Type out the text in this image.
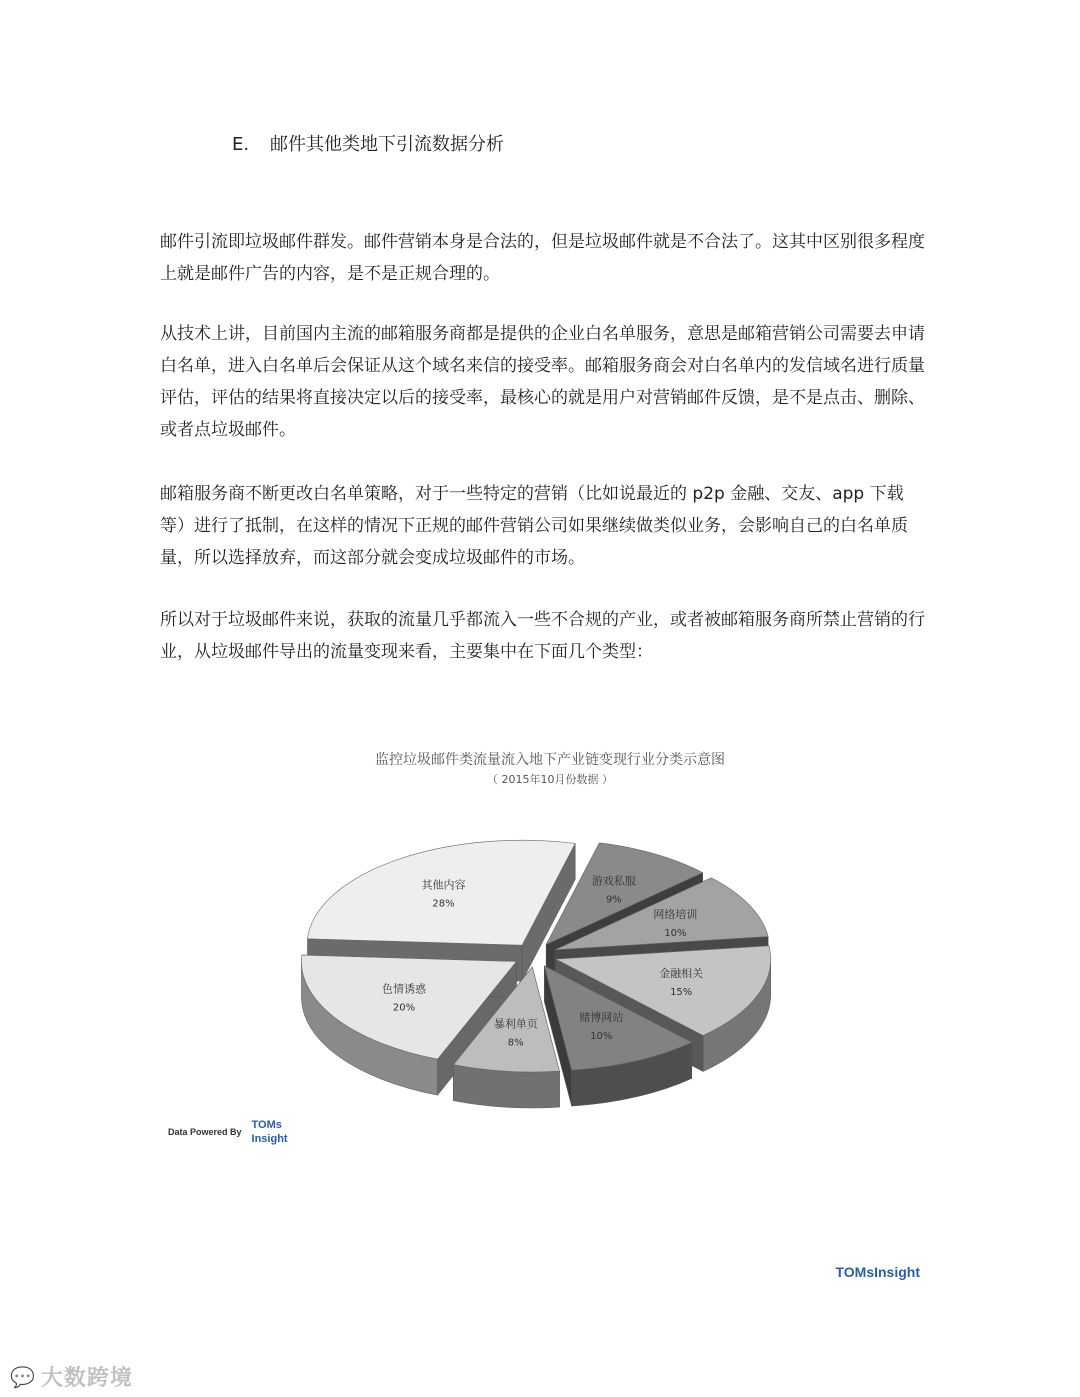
E. 邮件其他类地下引流数据分析

邮件引流即垃圾邮件群发。邮件营销本身是合法的，但是垃圾邮件就是不合法了。这其中区别很多程度上就是邮件广告的内容，是不是正规合理的。

从技术上讲，目前国内主流的邮箱服务商都是提供的企业白名单服务，意思是邮箱营销公司需要去申请白名单，进入白名单后会保证从这个域名来信的接受率。邮箱服务商会对白名单内的发信域名进行质量评估，评估的结果将直接决定以后的接受率，最核心的就是用户对营销邮件反馈，是不是点击、删除、或者点垃圾邮件。

邮箱服务商不断更改白名单策略，对于一些特定的营销（比如说最近的 p2p 金融、交友、app 下载等）进行了抵制，在这样的情况下正规的邮件营销公司如果继续做类似业务，会影响自己的白名单质量，所以选择放弃，而这部分就会变成垃圾邮件的市场。

所以对于垃圾邮件来说，获取的流量几乎都流入一些不合规的产业，或者被邮箱服务商所禁止营销的行业，从垃圾邮件导出的流量变现来看，主要集中在下面几个类型：

游戏私服
9%
网络培训
10%
金融相关
15%
赌博网站
10%
暴利单页
8%
色情诱惑
20%
其他内容
28%
监控垃圾邮件类流量流入地下产业链变现行业分类示意图
（ 2015年10月份数据 ）
Data Powered By
TOMs
Insight
TOMsInsight
💬 大数跨境
